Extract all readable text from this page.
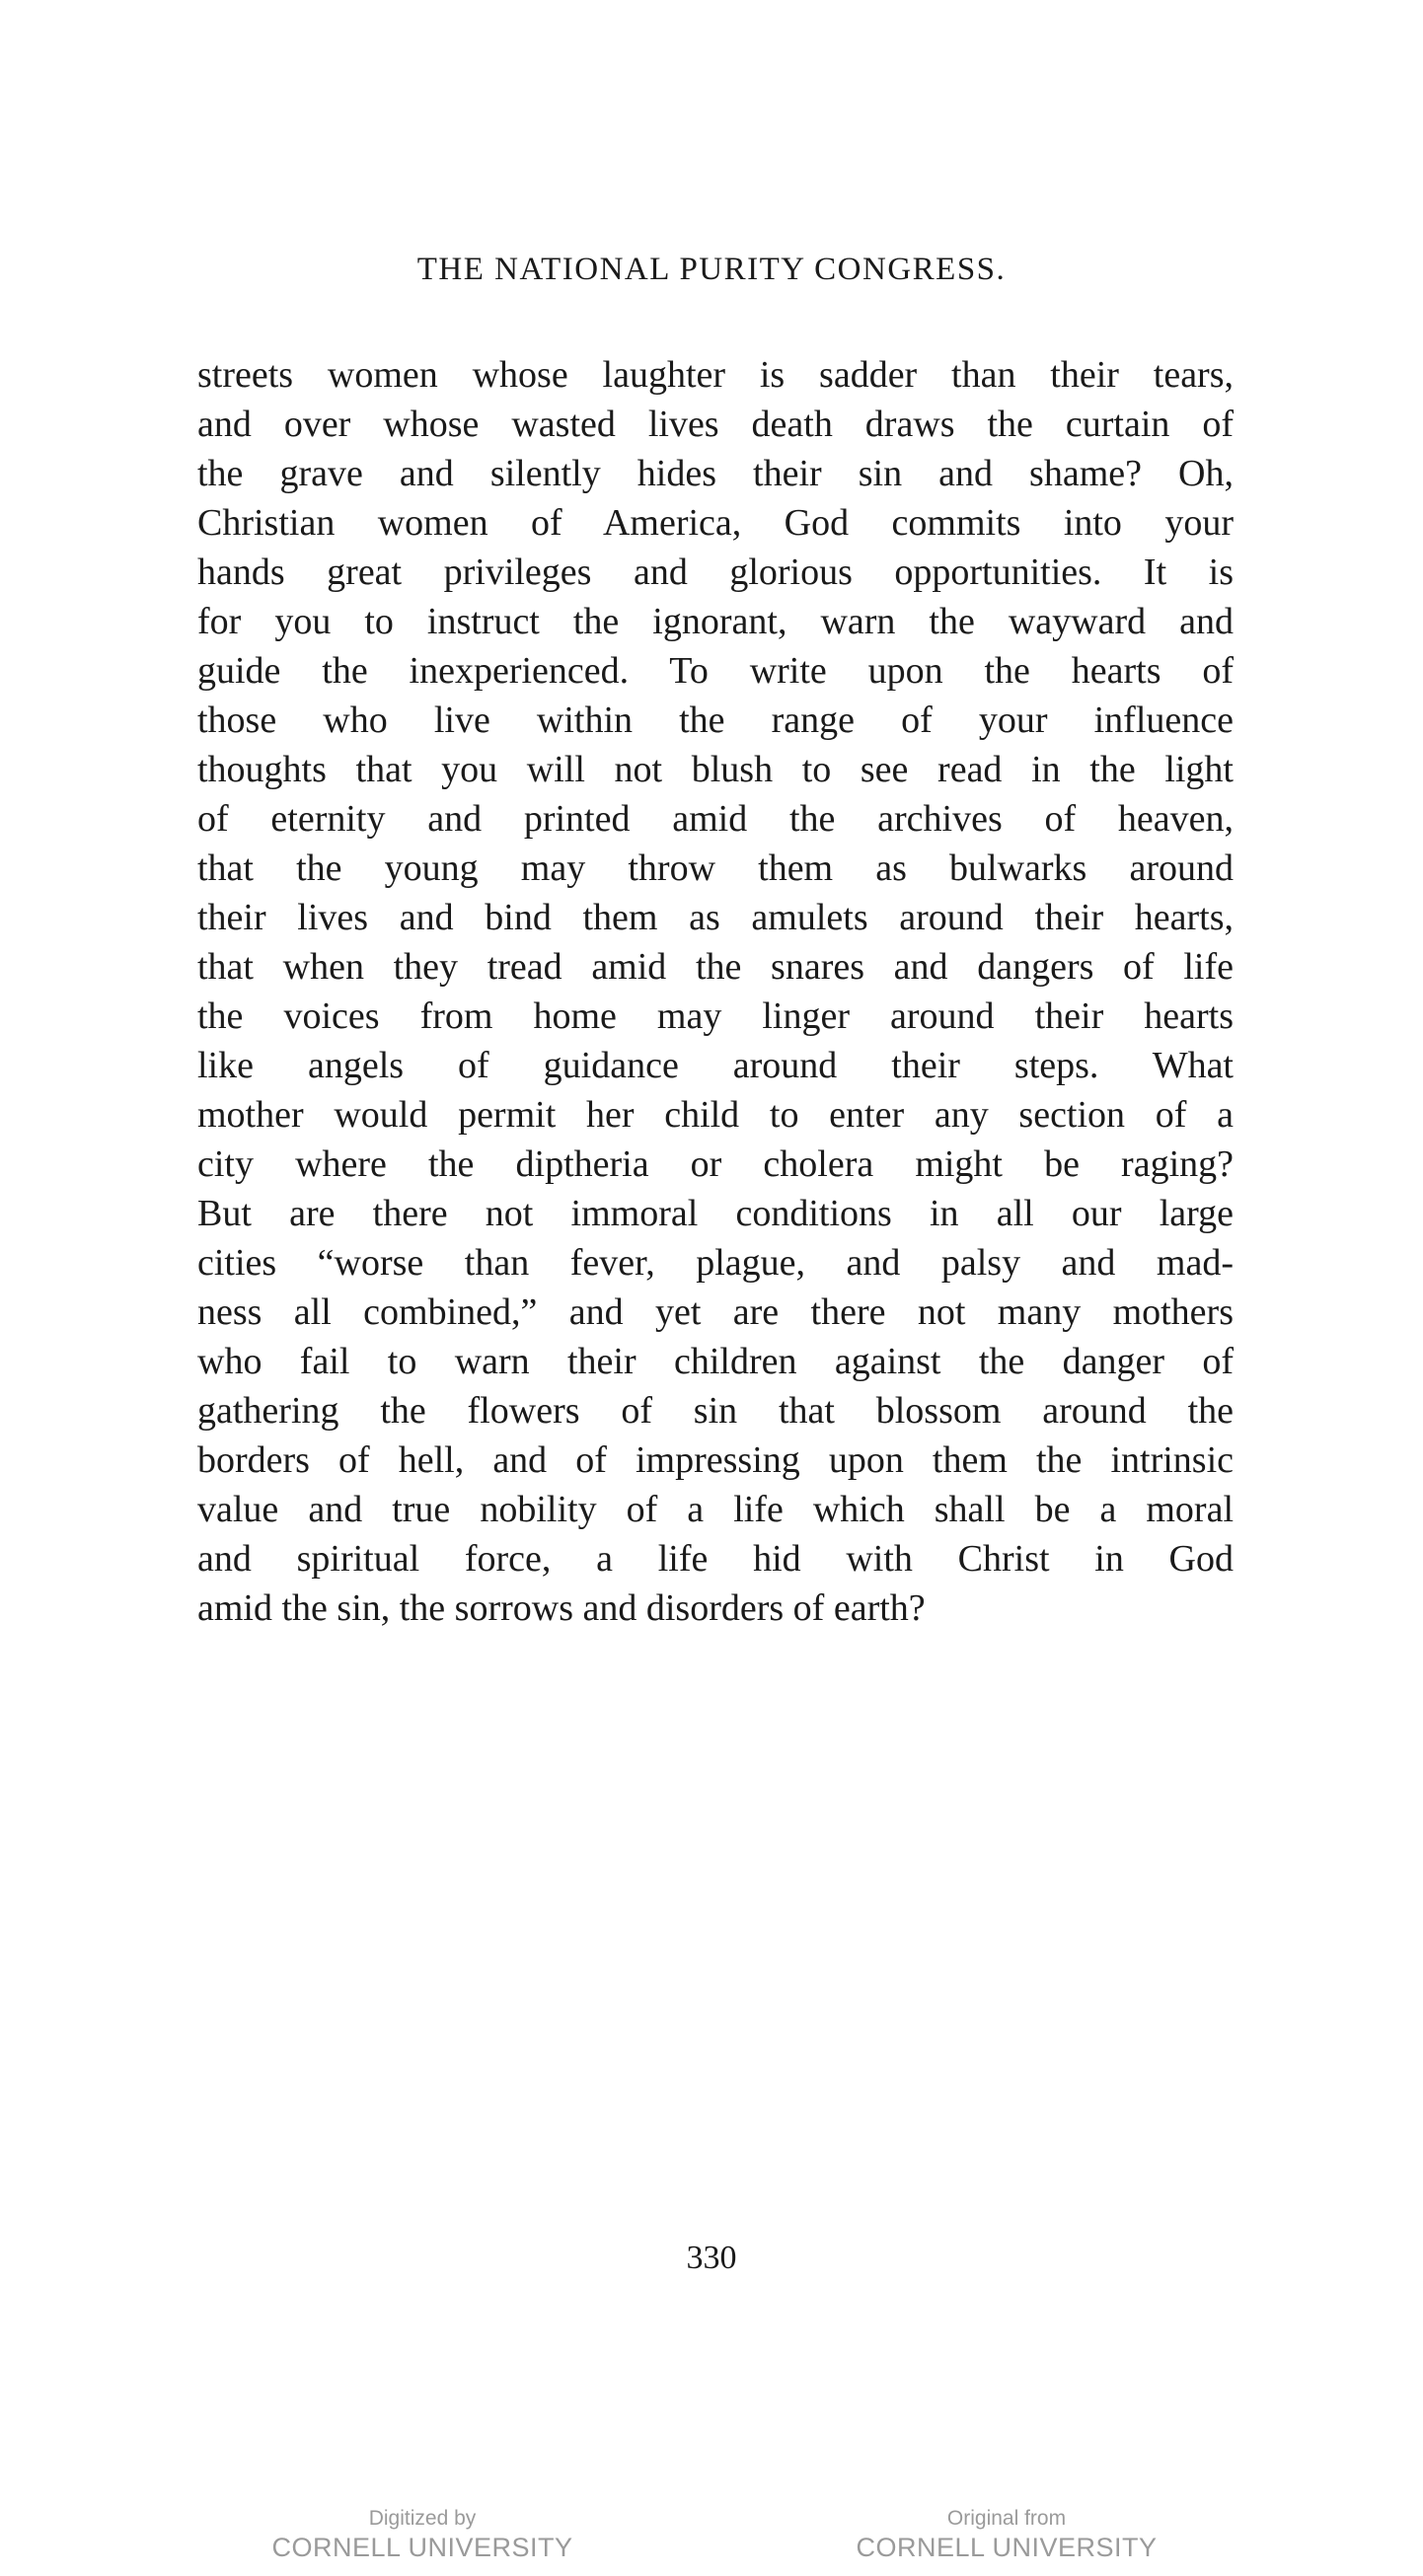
THE NATIONAL PURITY CONGRESS.
streets women whose laughter is sadder than their tears,
and over whose wasted lives death draws the curtain of
the grave and silently hides their sin and shame? Oh,
Christian women of America, God commits into your
hands great privileges and glorious opportunities. It is
for you to instruct the ignorant, warn the wayward and
guide the inexperienced. To write upon the hearts of
those who live within the range of your influence
thoughts that you will not blush to see read in the light
of eternity and printed amid the archives of heaven,
that the young may throw them as bulwarks around
their lives and bind them as amulets around their hearts,
that when they tread amid the snares and dangers of life
the voices from home may linger around their hearts
like angels of guidance around their steps. What
mother would permit her child to enter any section of a
city where the diptheria or cholera might be raging?
But are there not immoral conditions in all our large
cities “worse than fever, plague, and palsy and mad-
ness all combined,” and yet are there not many mothers
who fail to warn their children against the danger of
gathering the flowers of sin that blossom around the
borders of hell, and of impressing upon them the intrinsic
value and true nobility of a life which shall be a moral
and spiritual force, a life hid with Christ in God
amid the sin, the sorrows and disorders of earth?
330
Digitized by
CORNELL UNIVERSITY
Original from
CORNELL UNIVERSITY
